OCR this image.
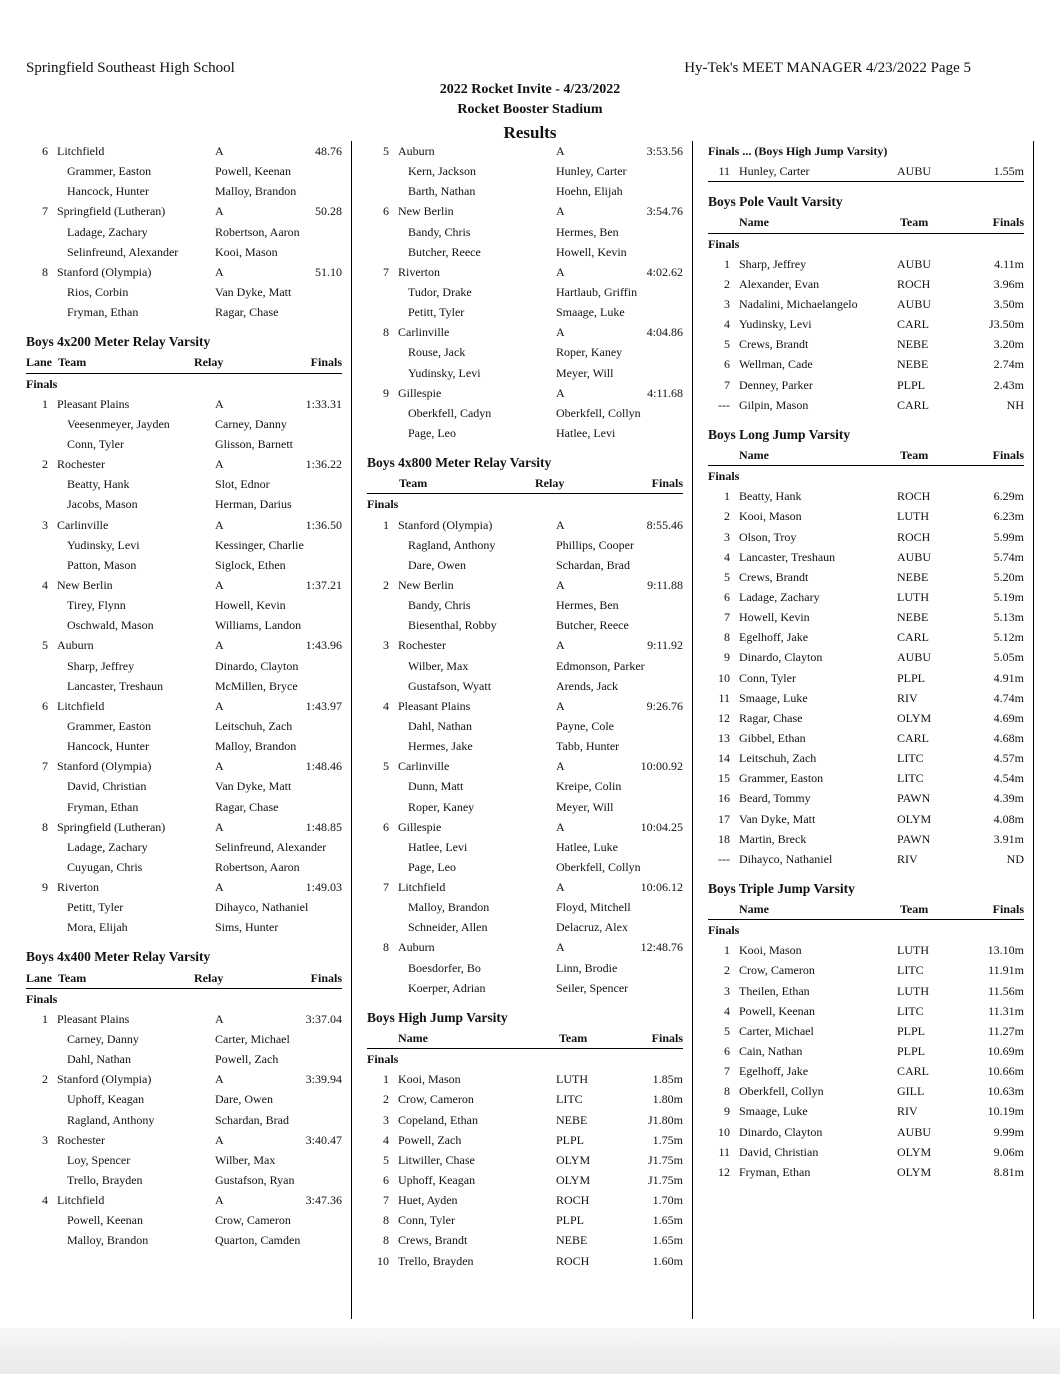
Springfield Southeast High School	Hy-Tek's MEET MANAGER 4/23/2022 Page 5
2022 Rocket Invite - 4/23/2022
Rocket Booster Stadium
Results
6 Litchfield	A	48.76
Grammer, Easton	Powell, Keenan
Hancock, Hunter	Malloy, Brandon
7 Springfield (Lutheran)	A	50.28
Ladage, Zachary	Robertson, Aaron
Selinfreund, Alexander	Kooi, Mason
8 Stanford (Olympia)	A	51.10
Rios, Corbin	Van Dyke, Matt
Fryman, Ethan	Ragar, Chase
Boys 4x200 Meter Relay Varsity
Lane Team	Relay	Finals
Finals
1 Pleasant Plains	A	1:33.31
Veesenmeyer, Jayden	Carney, Danny
Conn, Tyler	Glisson, Barnett
2 Rochester	A	1:36.22
Beatty, Hank	Slot, Ednor
Jacobs, Mason	Herman, Darius
3 Carlinville	A	1:36.50
Yudinsky, Levi	Kessinger, Charlie
Patton, Mason	Siglock, Ethen
4 New Berlin	A	1:37.21
Tirey, Flynn	Howell, Kevin
Oschwald, Mason	Williams, Landon
5 Auburn	A	1:43.96
Sharp, Jeffrey	Dinardo, Clayton
Lancaster, Treshaun	McMillen, Bryce
6 Litchfield	A	1:43.97
Grammer, Easton	Leitschuh, Zach
Hancock, Hunter	Malloy, Brandon
7 Stanford (Olympia)	A	1:48.46
David, Christian	Van Dyke, Matt
Fryman, Ethan	Ragar, Chase
8 Springfield (Lutheran)	A	1:48.85
Ladage, Zachary	Selinfreund, Alexander
Cuyugan, Chris	Robertson, Aaron
9 Riverton	A	1:49.03
Petitt, Tyler	Dihayco, Nathaniel
Mora, Elijah	Sims, Hunter
Boys 4x400 Meter Relay Varsity
Lane Team	Relay	Finals
Finals
1 Pleasant Plains	A	3:37.04
Carney, Danny	Carter, Michael
Dahl, Nathan	Powell, Zach
2 Stanford (Olympia)	A	3:39.94
Uphoff, Keagan	Dare, Owen
Ragland, Anthony	Schardan, Brad
3 Rochester	A	3:40.47
Loy, Spencer	Wilber, Max
Trello, Brayden	Gustafson, Ryan
4 Litchfield	A	3:47.36
Powell, Keenan	Crow, Cameron
Malloy, Brandon	Quarton, Camden
5 Auburn	A	3:53.56
Kern, Jackson	Hunley, Carter
Barth, Nathan	Hoehn, Elijah
6 New Berlin	A	3:54.76
Bandy, Chris	Hermes, Ben
Butcher, Reece	Howell, Kevin
7 Riverton	A	4:02.62
Tudor, Drake	Hartlaub, Griffin
Petitt, Tyler	Smaage, Luke
8 Carlinville	A	4:04.86
Rouse, Jack	Roper, Kaney
Yudinsky, Levi	Meyer, Will
9 Gillespie	A	4:11.68
Oberkfell, Cadyn	Oberkfell, Collyn
Page, Leo	Hatlee, Levi
Boys 4x800 Meter Relay Varsity
Team	Relay	Finals
Finals
1 Stanford (Olympia)	A	8:55.46
Ragland, Anthony	Phillips, Cooper
Dare, Owen	Schardan, Brad
2 New Berlin	A	9:11.88
Bandy, Chris	Hermes, Ben
Biesenthal, Robby	Butcher, Reece
3 Rochester	A	9:11.92
Wilber, Max	Edmonson, Parker
Gustafson, Wyatt	Arends, Jack
4 Pleasant Plains	A	9:26.76
Dahl, Nathan	Payne, Cole
Hermes, Jake	Tabb, Hunter
5 Carlinville	A	10:00.92
Dunn, Matt	Kreipe, Colin
Roper, Kaney	Meyer, Will
6 Gillespie	A	10:04.25
Hatlee, Levi	Hatlee, Luke
Page, Leo	Oberkfell, Collyn
7 Litchfield	A	10:06.12
Malloy, Brandon	Floyd, Mitchell
Schneider, Allen	Delacruz, Alex
8 Auburn	A	12:48.76
Boesdorfer, Bo	Linn, Brodie
Koerper, Adrian	Seiler, Spencer
Boys High Jump Varsity
Name	Team	Finals
Finals
1 Kooi, Mason	LUTH	1.85m
2 Crow, Cameron	LITC	1.80m
3 Copeland, Ethan	NEBE	J1.80m
4 Powell, Zach	PLPL	1.75m
5 Litwiller, Chase	OLYM	J1.75m
6 Uphoff, Keagan	OLYM	J1.75m
7 Huet, Ayden	ROCH	1.70m
8 Conn, Tyler	PLPL	1.65m
8 Crews, Brandt	NEBE	1.65m
10 Trello, Brayden	ROCH	1.60m
Finals ... (Boys High Jump Varsity)
11 Hunley, Carter	AUBU	1.55m
Boys Pole Vault Varsity
Name	Team	Finals
Finals
1 Sharp, Jeffrey	AUBU	4.11m
2 Alexander, Evan	ROCH	3.96m
3 Nadalini, Michaelangelo	AUBU	3.50m
4 Yudinsky, Levi	CARL	J3.50m
5 Crews, Brandt	NEBE	3.20m
6 Wellman, Cade	NEBE	2.74m
7 Denney, Parker	PLPL	2.43m
--- Gilpin, Mason	CARL	NH
Boys Long Jump Varsity
Name	Team	Finals
Finals
1 Beatty, Hank	ROCH	6.29m
2 Kooi, Mason	LUTH	6.23m
3 Olson, Troy	ROCH	5.99m
4 Lancaster, Treshaun	AUBU	5.74m
5 Crews, Brandt	NEBE	5.20m
6 Ladage, Zachary	LUTH	5.19m
7 Howell, Kevin	NEBE	5.13m
8 Egelhoff, Jake	CARL	5.12m
9 Dinardo, Clayton	AUBU	5.05m
10 Conn, Tyler	PLPL	4.91m
11 Smaage, Luke	RIV	4.74m
12 Ragar, Chase	OLYM	4.69m
13 Gibbel, Ethan	CARL	4.68m
14 Leitschuh, Zach	LITC	4.57m
15 Grammer, Easton	LITC	4.54m
16 Beard, Tommy	PAWN	4.39m
17 Van Dyke, Matt	OLYM	4.08m
18 Martin, Breck	PAWN	3.91m
--- Dihayco, Nathaniel	RIV	ND
Boys Triple Jump Varsity
Name	Team	Finals
Finals
1 Kooi, Mason	LUTH	13.10m
2 Crow, Cameron	LITC	11.91m
3 Theilen, Ethan	LUTH	11.56m
4 Powell, Keenan	LITC	11.31m
5 Carter, Michael	PLPL	11.27m
6 Cain, Nathan	PLPL	10.69m
7 Egelhoff, Jake	CARL	10.66m
8 Oberkfell, Collyn	GILL	10.63m
9 Smaage, Luke	RIV	10.19m
10 Dinardo, Clayton	AUBU	9.99m
11 David, Christian	OLYM	9.06m
12 Fryman, Ethan	OLYM	8.81m
